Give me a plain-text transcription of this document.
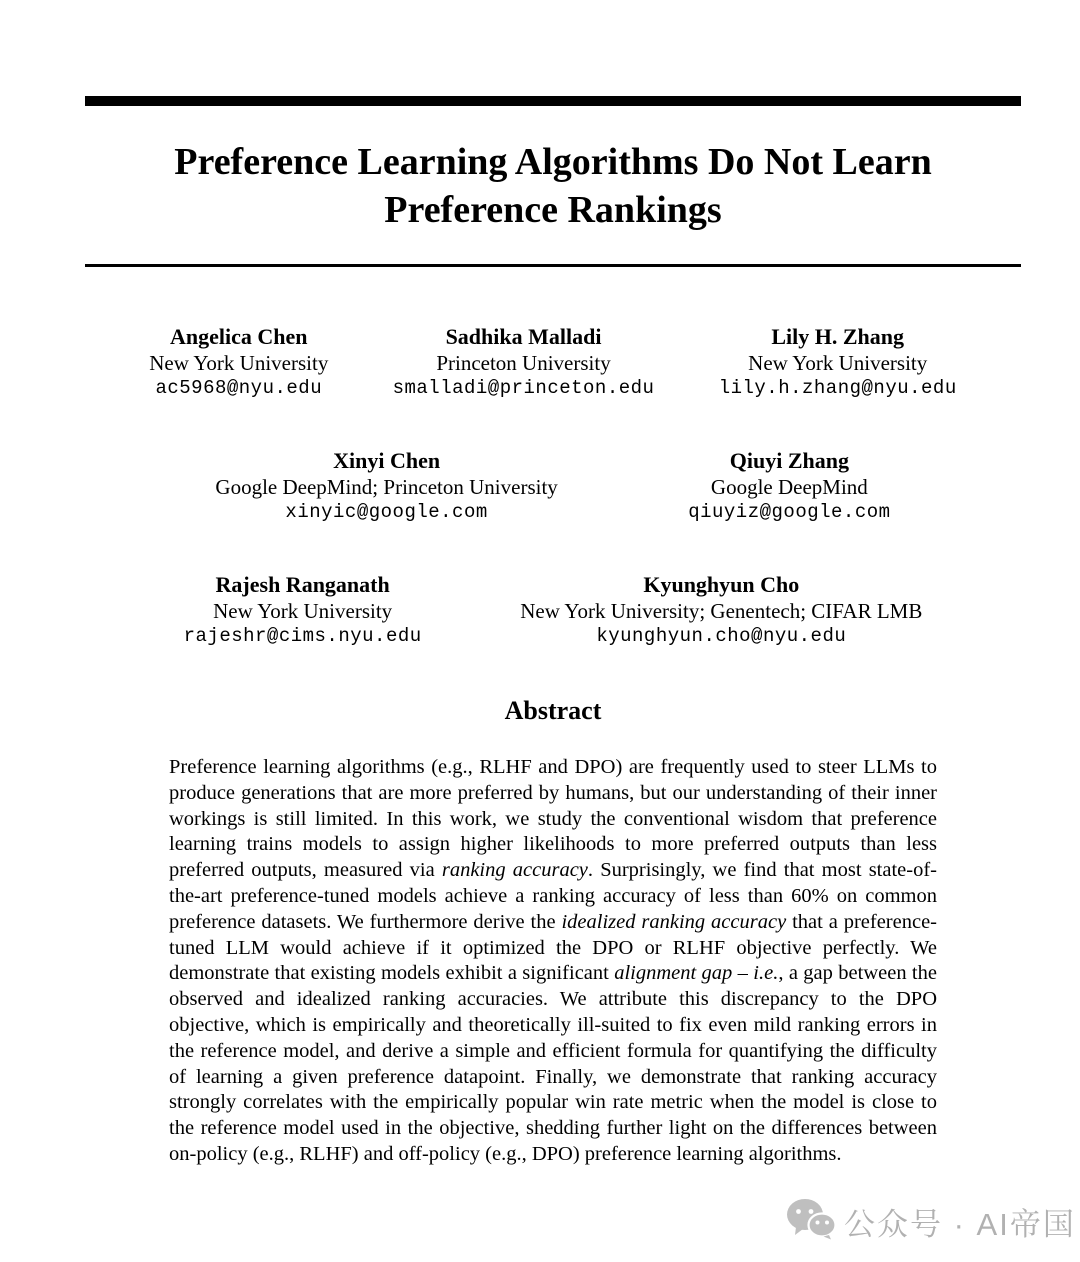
Preference Learning Algorithms Do Not Learn
Preference Rankings
Angelica Chen
New York University
ac5968@nyu.edu
Sadhika Malladi
Princeton University
smalladi@princeton.edu
Lily H. Zhang
New York University
lily.h.zhang@nyu.edu
Xinyi Chen
Google DeepMind; Princeton University
xinyic@google.com
Qiuyi Zhang
Google DeepMind
qiuyiz@google.com
Rajesh Ranganath
New York University
rajeshr@cims.nyu.edu
Kyunghyun Cho
New York University; Genentech; CIFAR LMB
kyunghyun.cho@nyu.edu
Abstract

Preference learning algorithms (e.g., RLHF and DPO) are frequently used to steer LLMs to produce generations that are more preferred by humans, but our understanding of their inner workings is still limited. In this work, we study the conventional wisdom that preference learning trains models to assign higher likelihoods to more preferred outputs than less preferred outputs, measured via ranking accuracy. Surprisingly, we find that most state-of-the-art preference-tuned models achieve a ranking accuracy of less than 60% on common preference datasets. We furthermore derive the idealized ranking accuracy that a preference-tuned LLM would achieve if it optimized the DPO or RLHF objective perfectly. We demonstrate that existing models exhibit a significant alignment gap – i.e., a gap between the observed and idealized ranking accuracies. We attribute this discrepancy to the DPO objective, which is empirically and theoretically ill-suited to fix even mild ranking errors in the reference model, and derive a simple and efficient formula for quantifying the difficulty of learning a given preference datapoint. Finally, we demonstrate that ranking accuracy strongly correlates with the empirically popular win rate metric when the model is close to the reference model used in the objective, shedding further light on the differences between on-policy (e.g., RLHF) and off-policy (e.g., DPO) preference learning algorithms.

公众号 · AI帝国
